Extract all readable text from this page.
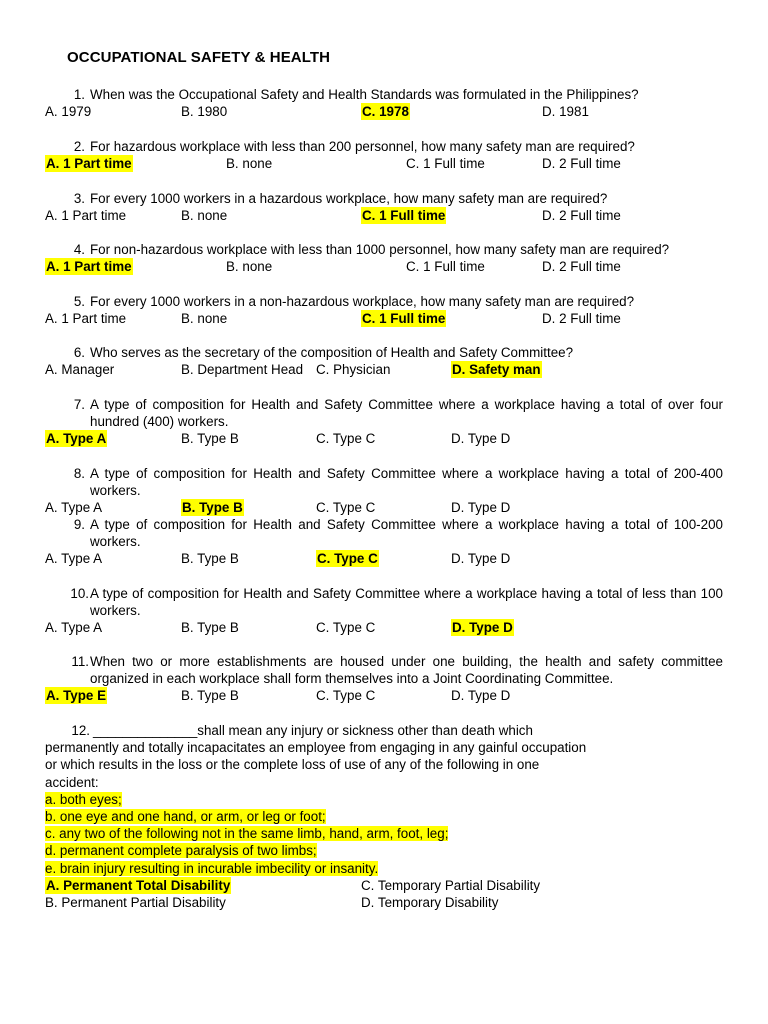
OCCUPATIONAL SAFETY & HEALTH
1. When was the Occupational Safety and Health Standards was formulated in the Philippines?
A. 1979	B. 1980	C. 1978	D. 1981
2. For hazardous workplace with less than 200 personnel, how many safety man are required?
A. 1 Part time	B. none	C. 1 Full time	D. 2 Full time
3. For every 1000 workers in a hazardous workplace, how many safety man are required?
A. 1 Part time	B. none	C. 1 Full time	D. 2 Full time
4. For non-hazardous workplace with less than 1000 personnel, how many safety man are required?
A. 1 Part time	B. none	C. 1 Full time	D. 2 Full time
5. For every 1000 workers in a non-hazardous workplace, how many safety man are required?
A. 1 Part time	B. none	C. 1 Full time	D. 2 Full time
6. Who serves as the secretary of the composition of Health and Safety Committee?
A. Manager	B. Department Head C. Physician	D. Safety man
7. A type of composition for Health and Safety Committee where a workplace having a total of over four hundred (400) workers.
A. Type A	B. Type B	C. Type C	D. Type D
8. A type of composition for Health and Safety Committee where a workplace having a total of 200-400 workers.
A. Type A	B. Type B	C. Type C	D. Type D
9. A type of composition for Health and Safety Committee where a workplace having a total of 100-200 workers.
A. Type A	B. Type B	C. Type C	D. Type D
10. A type of composition for Health and Safety Committee where a workplace having a total of less than 100 workers.
A. Type A	B. Type B	C. Type C	D. Type D
11. When two or more establishments are housed under one building, the health and safety committee organized in each workplace shall form themselves into a Joint Coordinating Committee.
A. Type E	B. Type B	C. Type C	D. Type D
12. ______________shall mean any injury or sickness other than death which
permanently and totally incapacitates an employee from engaging in any gainful occupation
or which results in the loss or the complete loss of use of any of the following in one
accident:
a. both eyes;
b. one eye and one hand, or arm, or leg or foot;
c. any two of the following not in the same limb, hand, arm, foot, leg;
d. permanent complete paralysis of two limbs;
e. brain injury resulting in incurable imbecility or insanity.
A. Permanent Total Disability	C. Temporary Partial Disability
B. Permanent Partial Disability	D. Temporary Disability
